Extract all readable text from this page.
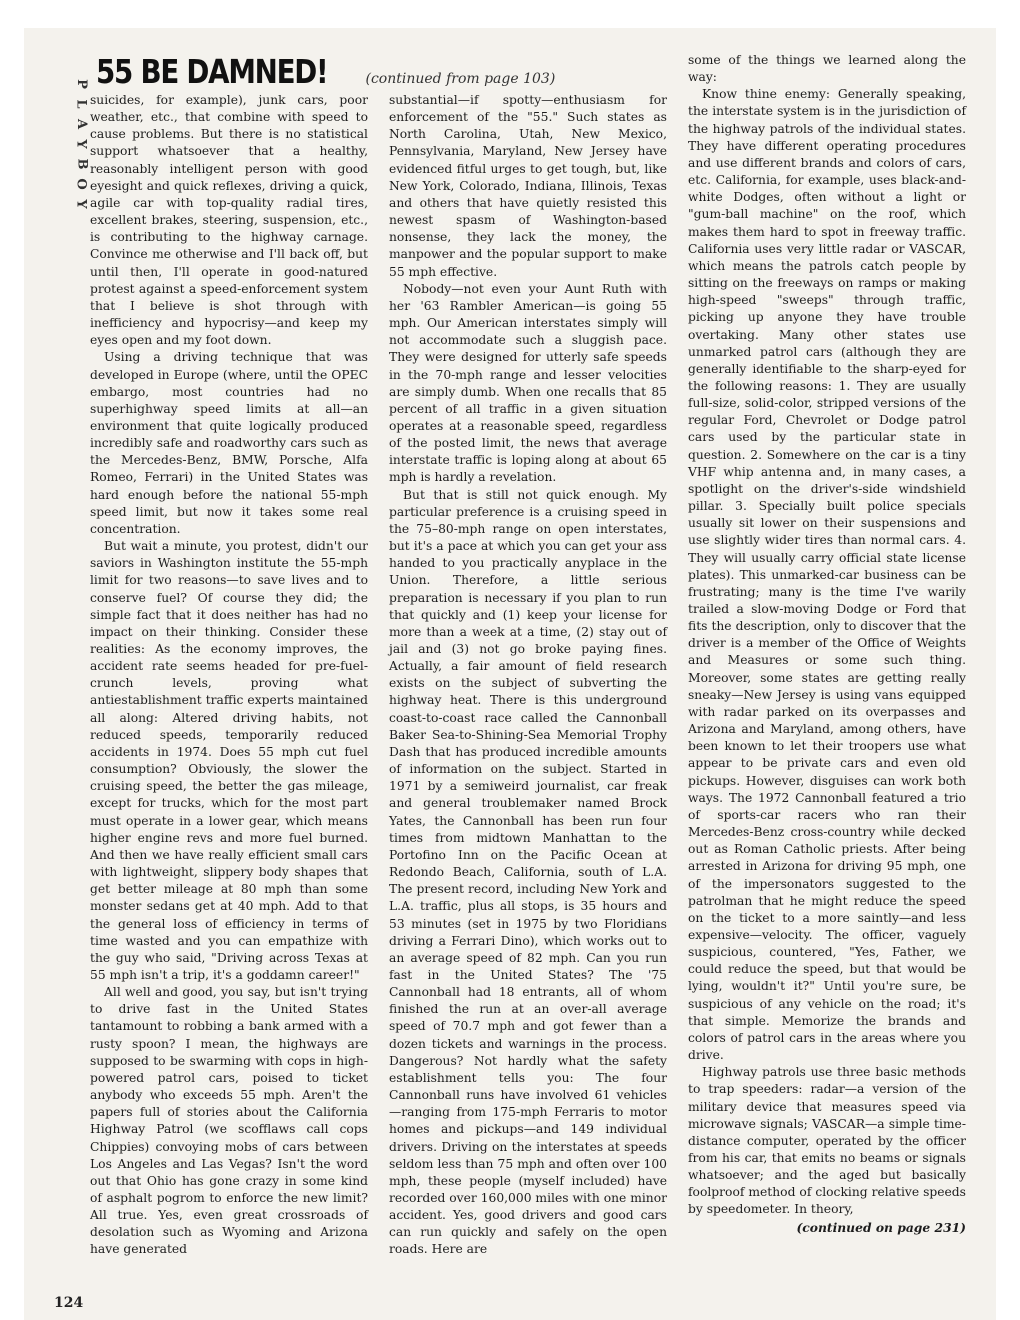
P
L
A
Y
B
O
Y
55 BE DAMNED!	(continued from page 103)

suicides, for example), junk cars, poor weather, etc., that combine with speed to cause problems. But there is no statistical support whatsoever that a healthy, reasonably intelligent person with good eyesight and quick reflexes, driving a quick, agile car with top-quality radial tires, excellent brakes, steering, suspension, etc., is contributing to the highway carnage. Convince me otherwise and I'll back off, but until then, I'll operate in good-natured protest against a speed-enforcement system that I believe is shot through with inefficiency and hypocrisy—and keep my eyes open and my foot down.

Using a driving technique that was developed in Europe (where, until the OPEC embargo, most countries had no superhighway speed limits at all—an environment that quite logically produced incredibly safe and roadworthy cars such as the Mercedes-Benz, BMW, Porsche, Alfa Romeo, Ferrari) in the United States was hard enough before the national 55-mph speed limit, but now it takes some real concentration.

But wait a minute, you protest, didn't our saviors in Washington institute the 55-mph limit for two reasons—to save lives and to conserve fuel? Of course they did; the simple fact that it does neither has had no impact on their thinking. Consider these realities: As the economy improves, the accident rate seems headed for pre-fuel-crunch levels, proving what antiestablishment traffic experts maintained all along: Altered driving habits, not reduced speeds, temporarily reduced accidents in 1974. Does 55 mph cut fuel consumption? Obviously, the slower the cruising speed, the better the gas mileage, except for trucks, which for the most part must operate in a lower gear, which means higher engine revs and more fuel burned. And then we have really efficient small cars with lightweight, slippery body shapes that get better mileage at 80 mph than some monster sedans get at 40 mph. Add to that the general loss of efficiency in terms of time wasted and you can empathize with the guy who said, "Driving across Texas at 55 mph isn't a trip, it's a goddamn career!"

All well and good, you say, but isn't trying to drive fast in the United States tantamount to robbing a bank armed with a rusty spoon? I mean, the highways are supposed to be swarming with cops in high-powered patrol cars, poised to ticket anybody who exceeds 55 mph. Aren't the papers full of stories about the California Highway Patrol (we scofflaws call cops Chippies) convoying mobs of cars between Los Angeles and Las Vegas? Isn't the word out that Ohio has gone crazy in some kind of asphalt pogrom to enforce the new limit? All true. Yes, even great crossroads of desolation such as Wyoming and Arizona have generated

substantial—if spotty—enthusiasm for enforcement of the "55." Such states as North Carolina, Utah, New Mexico, Pennsylvania, Maryland, New Jersey have evidenced fitful urges to get tough, but, like New York, Colorado, Indiana, Illinois, Texas and others that have quietly resisted this newest spasm of Washington-based nonsense, they lack the money, the manpower and the popular support to make 55 mph effective.

Nobody—not even your Aunt Ruth with her '63 Rambler American—is going 55 mph. Our American interstates simply will not accommodate such a sluggish pace. They were designed for utterly safe speeds in the 70-mph range and lesser velocities are simply dumb. When one recalls that 85 percent of all traffic in a given situation operates at a reasonable speed, regardless of the posted limit, the news that average interstate traffic is loping along at about 65 mph is hardly a revelation.

But that is still not quick enough. My particular preference is a cruising speed in the 75–80-mph range on open interstates, but it's a pace at which you can get your ass handed to you practically anyplace in the Union. Therefore, a little serious preparation is necessary if you plan to run that quickly and (1) keep your license for more than a week at a time, (2) stay out of jail and (3) not go broke paying fines. Actually, a fair amount of field research exists on the subject of subverting the highway heat. There is this underground coast-to-coast race called the Cannonball Baker Sea-to-Shining-Sea Memorial Trophy Dash that has produced incredible amounts of information on the subject. Started in 1971 by a semiweird journalist, car freak and general troublemaker named Brock Yates, the Cannonball has been run four times from midtown Manhattan to the Portofino Inn on the Pacific Ocean at Redondo Beach, California, south of L.A. The present record, including New York and L.A. traffic, plus all stops, is 35 hours and 53 minutes (set in 1975 by two Floridians driving a Ferrari Dino), which works out to an average speed of 82 mph. Can you run fast in the United States? The '75 Cannonball had 18 entrants, all of whom finished the run at an over-all average speed of 70.7 mph and got fewer than a dozen tickets and warnings in the process. Dangerous? Not hardly what the safety establishment tells you: The four Cannonball runs have involved 61 vehicles—ranging from 175-mph Ferraris to motor homes and pickups—and 149 individual drivers. Driving on the interstates at speeds seldom less than 75 mph and often over 100 mph, these people (myself included) have recorded over 160,000 miles with one minor accident. Yes, good drivers and good cars can run quickly and safely on the open roads. Here are

some of the things we learned along the way:

Know thine enemy: Generally speaking, the interstate system is in the jurisdiction of the highway patrols of the individual states. They have different operating procedures and use different brands and colors of cars, etc. California, for example, uses black-and-white Dodges, often without a light or "gum-ball machine" on the roof, which makes them hard to spot in freeway traffic. California uses very little radar or VASCAR, which means the patrols catch people by sitting on the freeways on ramps or making high-speed "sweeps" through traffic, picking up anyone they have trouble overtaking. Many other states use unmarked patrol cars (although they are generally identifiable to the sharp-eyed for the following reasons: 1. They are usually full-size, solid-color, stripped versions of the regular Ford, Chevrolet or Dodge patrol cars used by the particular state in question. 2. Somewhere on the car is a tiny VHF whip antenna and, in many cases, a spotlight on the driver's-side windshield pillar. 3. Specially built police specials usually sit lower on their suspensions and use slightly wider tires than normal cars. 4. They will usually carry official state license plates). This unmarked-car business can be frustrating; many is the time I've warily trailed a slow-moving Dodge or Ford that fits the description, only to discover that the driver is a member of the Office of Weights and Measures or some such thing. Moreover, some states are getting really sneaky—New Jersey is using vans equipped with radar parked on its overpasses and Arizona and Maryland, among others, have been known to let their troopers use what appear to be private cars and even old pickups. However, disguises can work both ways. The 1972 Cannonball featured a trio of sports-car racers who ran their Mercedes-Benz cross-country while decked out as Roman Catholic priests. After being arrested in Arizona for driving 95 mph, one of the impersonators suggested to the patrolman that he might reduce the speed on the ticket to a more saintly—and less expensive—velocity. The officer, vaguely suspicious, countered, "Yes, Father, we could reduce the speed, but that would be lying, wouldn't it?" Until you're sure, be suspicious of any vehicle on the road; it's that simple. Memorize the brands and colors of patrol cars in the areas where you drive.

Highway patrols use three basic methods to trap speeders: radar—a version of the military device that measures speed via microwave signals; VASCAR—a simple time-distance computer, operated by the officer from his car, that emits no beams or signals whatsoever; and the aged but basically foolproof method of clocking relative speeds by speedometer. In theory,

(continued on page 231)

124
